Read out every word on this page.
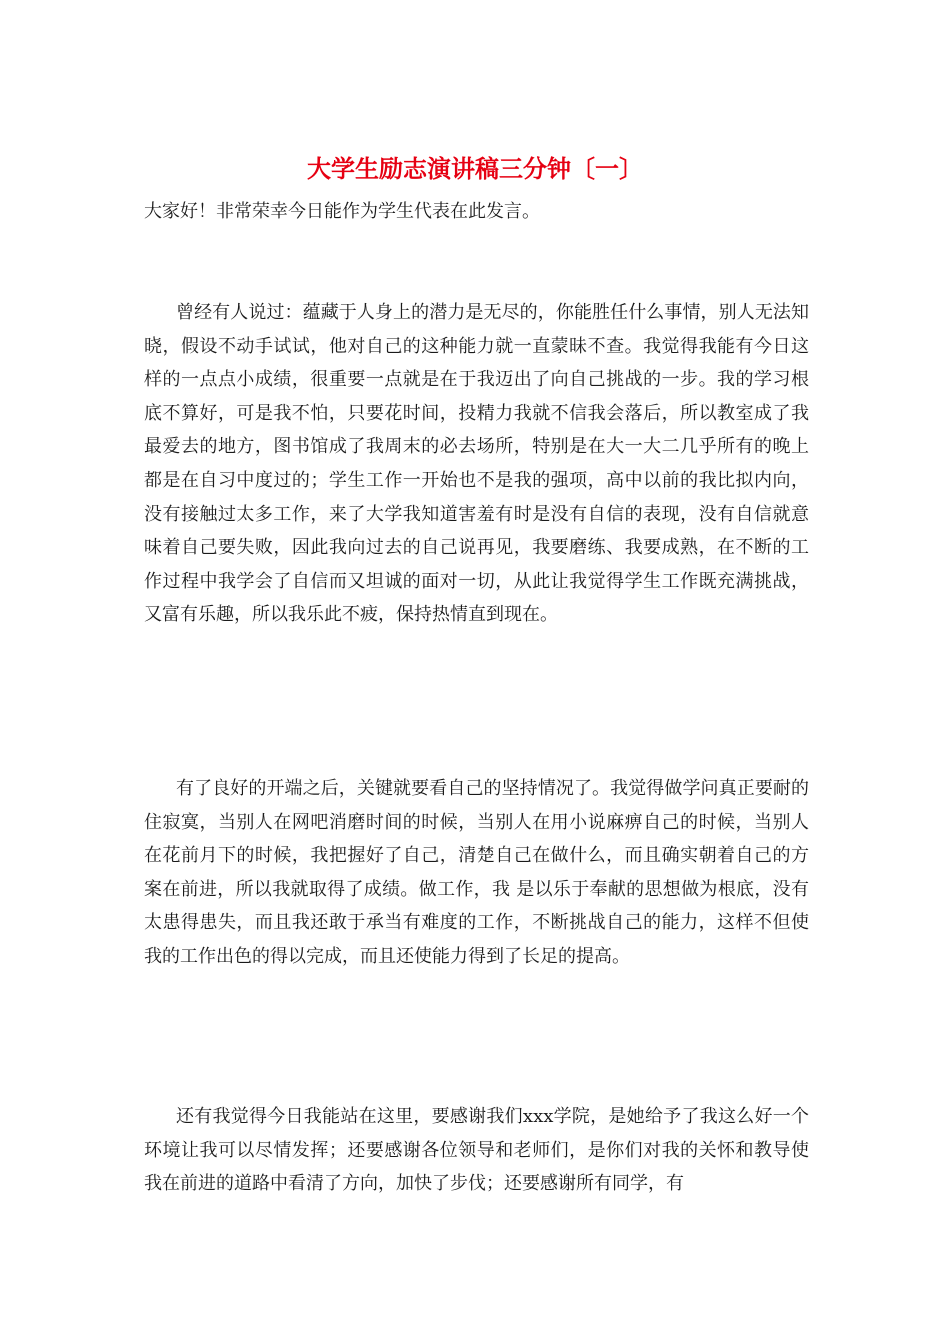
大学生励志演讲稿三分钟〔一〕

大家好！非常荣幸今日能作为学生代表在此发言。

曾经有人说过：蕴藏于人身上的潜力是无尽的，你能胜任什么事情，别人无法知晓，假设不动手试试，他对自己的这种能力就一直蒙昧不查。我觉得我能有今日这样的一点点小成绩，很重要一点就是在于我迈出了向自己挑战的一步。我的学习根底不算好，可是我不怕，只要花时间，投精力我就不信我会落后，所以教室成了我最爱去的地方，图书馆成了我周末的必去场所，特别是在大一大二几乎所有的晚上都是在自习中度过的；学生工作一开始也不是我的强项，高中以前的我比拟内向，没有接触过太多工作，来了大学我知道害羞有时是没有自信的表现，没有自信就意味着自己要失败，因此我向过去的自己说再见，我要磨练、我要成熟，在不断的工作过程中我学会了自信而又坦诚的面对一切，从此让我觉得学生工作既充满挑战，又富有乐趣，所以我乐此不疲，保持热情直到现在。

有了良好的开端之后，关键就要看自己的坚持情况了。我觉得做学问真正要耐的住寂寞，当别人在网吧消磨时间的时候，当别人在用小说麻痹自己的时候，当别人在花前月下的时候，我把握好了自己，清楚自己在做什么，而且确实朝着自己的方案在前进，所以我就取得了成绩。做工作，我 是以乐于奉献的思想做为根底，没有太患得患失，而且我还敢于承当有难度的工作，不断挑战自己的能力，这样不但使我的工作出色的得以完成，而且还使能力得到了长足的提高。

还有我觉得今日我能站在这里，要感谢我们xxx学院，是她给予了我这么好一个环境让我可以尽情发挥；还要感谢各位领导和老师们，是你们对我的关怀和教导使我在前进的道路中看清了方向，加快了步伐；还要感谢所有同学，有
